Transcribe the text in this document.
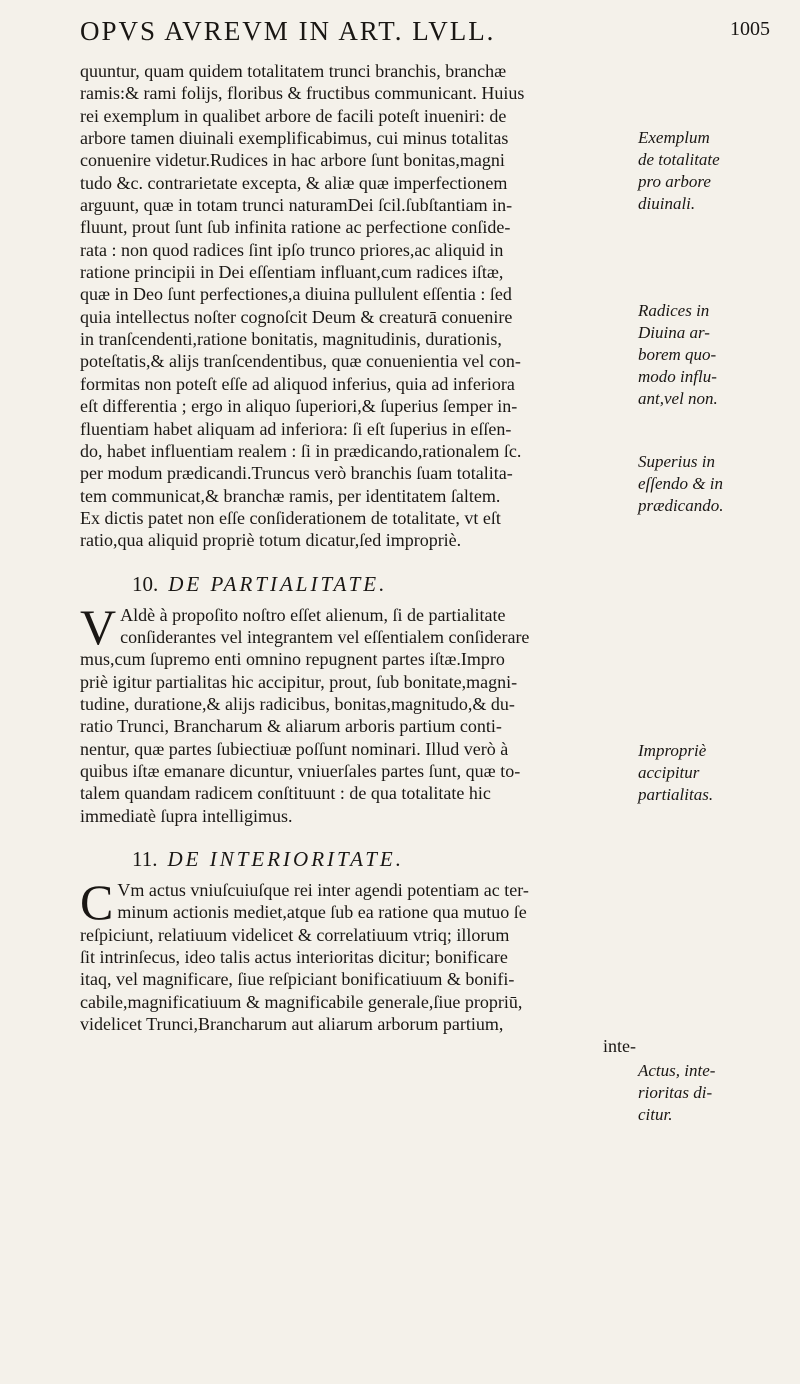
OPVS AVREVM IN ART. LVLL.	1005
quuntur, quam quidem totalitatem trunci branchis, branchæ
ramis:& rami folijs, floribus & fructibus communicant. Huius
rei exemplum in qualibet arbore de facili poteſt inueniri: de
arbore tamen diuinali exemplificabimus, cui minus totalitas
conuenire videtur.Rudices in hac arbore ſunt bonitas,magni
tudo &c. contrarietate excepta, & aliæ quæ imperfectionem
arguunt, quæ in totam trunci naturamDei ſcil.ſubſtantiam in-
fluunt, prout ſunt ſub infinita ratione ac perfectione conſide-
rata : non quod radices ſint ipſo trunco priores,ac aliquid in
ratione principii in Dei eſſentiam influant,cum radices iſtæ,
quæ in Deo ſunt perfectiones,a diuina pullulent eſſentia : ſed
quia intellectus noſter cognoſcit Deum & creaturā conuenire
in tranſcendenti,ratione bonitatis, magnitudinis, durationis,
poteſtatis,& alijs tranſcendentibus, quæ conuenientia vel con-
formitas non poteſt eſſe ad aliquod inferius, quia ad inferiora
eſt differentia ; ergo in aliquo ſuperiori,& ſuperius ſemper in-
fluentiam habet aliquam ad inferiora: ſi eſt ſuperius in eſſen-
do, habet influentiam realem : ſi in prædicando,rationalem ſc.
per modum prædicandi.Truncus verò branchis ſuam totalita-
tem communicat,& branchæ ramis, per identitatem ſaltem.
Ex dictis patet non eſſe conſiderationem de totalitate, vt eſt
ratio,qua aliquid propriè totum dicatur,ſed impropriè.
10. DE PARTIALITATE.
V Aldè à propoſito noſtro eſſet alienum, ſi de partialitate
conſiderantes vel integrantem vel eſſentialem conſiderare
mus,cum ſupremo enti omnino repugnent partes iſtæ.Impro
priè igitur partialitas hic accipitur, prout, ſub bonitate,magni-
tudine, duratione,& alijs radicibus, bonitas,magnitudo,& du-
ratio Trunci, Brancharum & aliarum arboris partium conti-
nentur, quæ partes ſubiectiuæ poſſunt nominari. Illud verò à
quibus iſtæ emanare dicuntur, vniuerſales partes ſunt, quæ to-
talem quandam radicem conſtituunt : de qua totalitate hic
immediatè ſupra intelligimus.
11. DE INTERIORITATE.
C Vm actus vniuſcuiuſque rei inter agendi potentiam ac ter-
minum actionis mediet,atque ſub ea ratione qua mutuo ſe
reſpiciunt, relatiuum videlicet & correlatiuum vtriq; illorum
ſit intrinſecus, ideo talis actus interioritas dicitur; bonificare
itaq, vel magnificare, ſiue reſpiciant bonificatiuum & bonifi-
cabile,magnificatiuum & magnificabile generale,ſiue propriū,
videlicet Trunci,Brancharum aut aliarum arborum partium,
inte-
Exemplum
de totalitate
pro arbore
diuinali.
Radices in
Diuina ar-
borem quo-
modo influ-
ant,vel non.
Superius in
eſſendo & in
prædicando.
Impropriè
accipitur
partialitas.
Actus, inte-
rioritas di-
citur.
